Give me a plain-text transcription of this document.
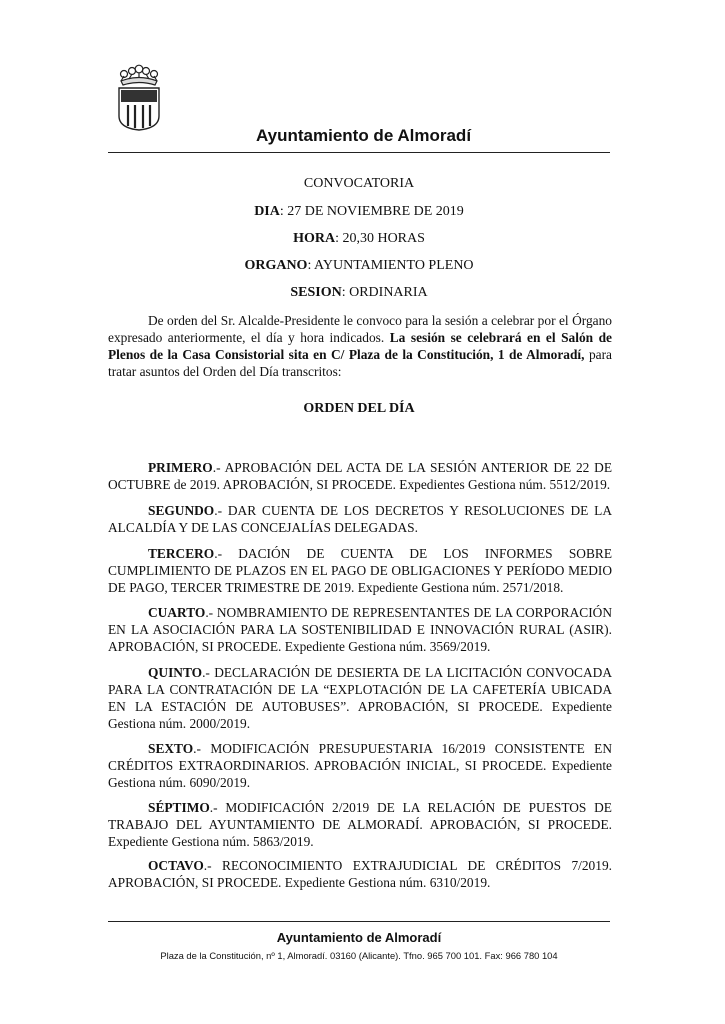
Ayuntamiento de Almoradí
CONVOCATORIA
DIA: 27 DE NOVIEMBRE DE 2019
HORA: 20,30 HORAS
ORGANO: AYUNTAMIENTO PLENO
SESION: ORDINARIA
De orden del Sr. Alcalde-Presidente le convoco para la sesión a celebrar por el Órgano expresado anteriormente, el día y hora indicados. La sesión se celebrará en el Salón de Plenos de la Casa Consistorial sita en C/ Plaza de la Constitución, 1 de Almoradí, para tratar asuntos del Orden del Día transcritos:
ORDEN DEL DÍA
PRIMERO.- APROBACIÓN DEL ACTA DE LA SESIÓN ANTERIOR DE 22 DE OCTUBRE de 2019. APROBACIÓN, SI PROCEDE. Expedientes Gestiona núm. 5512/2019.
SEGUNDO.- DAR CUENTA DE LOS DECRETOS Y RESOLUCIONES DE LA ALCALDÍA Y DE LAS CONCEJALÍAS DELEGADAS.
TERCERO.- DACIÓN DE CUENTA DE LOS INFORMES SOBRE CUMPLIMIENTO DE PLAZOS EN EL PAGO DE OBLIGACIONES Y PERÍODO MEDIO DE PAGO, TERCER TRIMESTRE DE 2019. Expediente Gestiona núm. 2571/2018.
CUARTO.- NOMBRAMIENTO DE REPRESENTANTES DE LA CORPORACIÓN EN LA ASOCIACIÓN PARA LA SOSTENIBILIDAD E INNOVACIÓN RURAL (ASIR). APROBACIÓN, SI PROCEDE. Expediente Gestiona núm. 3569/2019.
QUINTO.- DECLARACIÓN DE DESIERTA DE LA LICITACIÓN CONVOCADA PARA LA CONTRATACIÓN DE LA “EXPLOTACIÓN DE LA CAFETERÍA UBICADA EN LA ESTACIÓN DE AUTOBUSES”. APROBACIÓN, SI PROCEDE. Expediente Gestiona núm. 2000/2019.
SEXTO.- MODIFICACIÓN PRESUPUESTARIA 16/2019 CONSISTENTE EN CRÉDITOS EXTRAORDINARIOS. APROBACIÓN INICIAL, SI PROCEDE. Expediente Gestiona núm. 6090/2019.
SÉPTIMO.- MODIFICACIÓN 2/2019 DE LA RELACIÓN DE PUESTOS DE TRABAJO DEL AYUNTAMIENTO DE ALMORADÍ. APROBACIÓN, SI PROCEDE. Expediente Gestiona núm. 5863/2019.
OCTAVO.- RECONOCIMIENTO EXTRAJUDICIAL DE CRÉDITOS 7/2019. APROBACIÓN, SI PROCEDE. Expediente Gestiona núm. 6310/2019.
Ayuntamiento de Almoradí
Plaza de la Constitución, nº 1, Almoradí. 03160 (Alicante). Tfno. 965 700 101. Fax: 966 780 104
